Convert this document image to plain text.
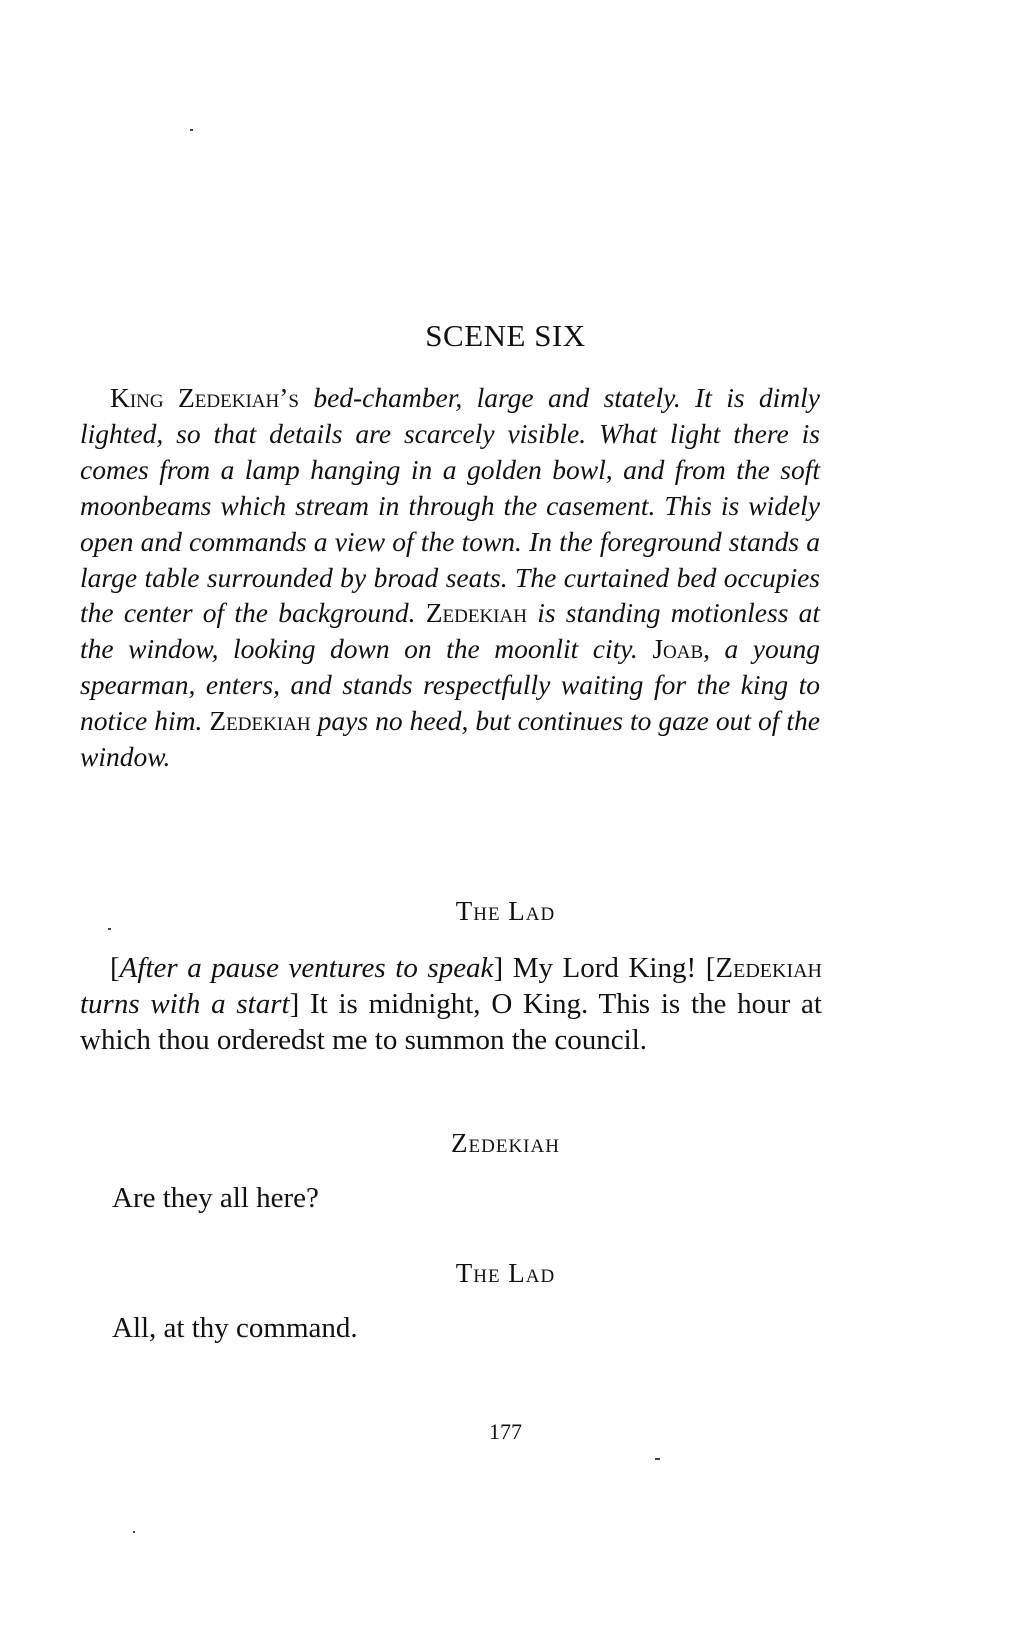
SCENE SIX
King Zedekiah’s bed-chamber, large and stately. It is dimly lighted, so that details are scarcely visible. What light there is comes from a lamp hanging in a golden bowl, and from the soft moonbeams which stream in through the casement. This is widely open and commands a view of the town. In the foreground stands a large table surrounded by broad seats. The curtained bed occupies the center of the background. Zedekiah is standing motionless at the window, looking down on the moonlit city. Joab, a young spearman, enters, and stands respectfully waiting for the king to notice him. Zedekiah pays no heed, but continues to gaze out of the window.
The Lad
[After a pause ventures to speak] My Lord King! [Zedekiah turns with a start] It is midnight, O King. This is the hour at which thou orderedst me to summon the council.
Zedekiah
Are they all here?
The Lad
All, at thy command.
177
